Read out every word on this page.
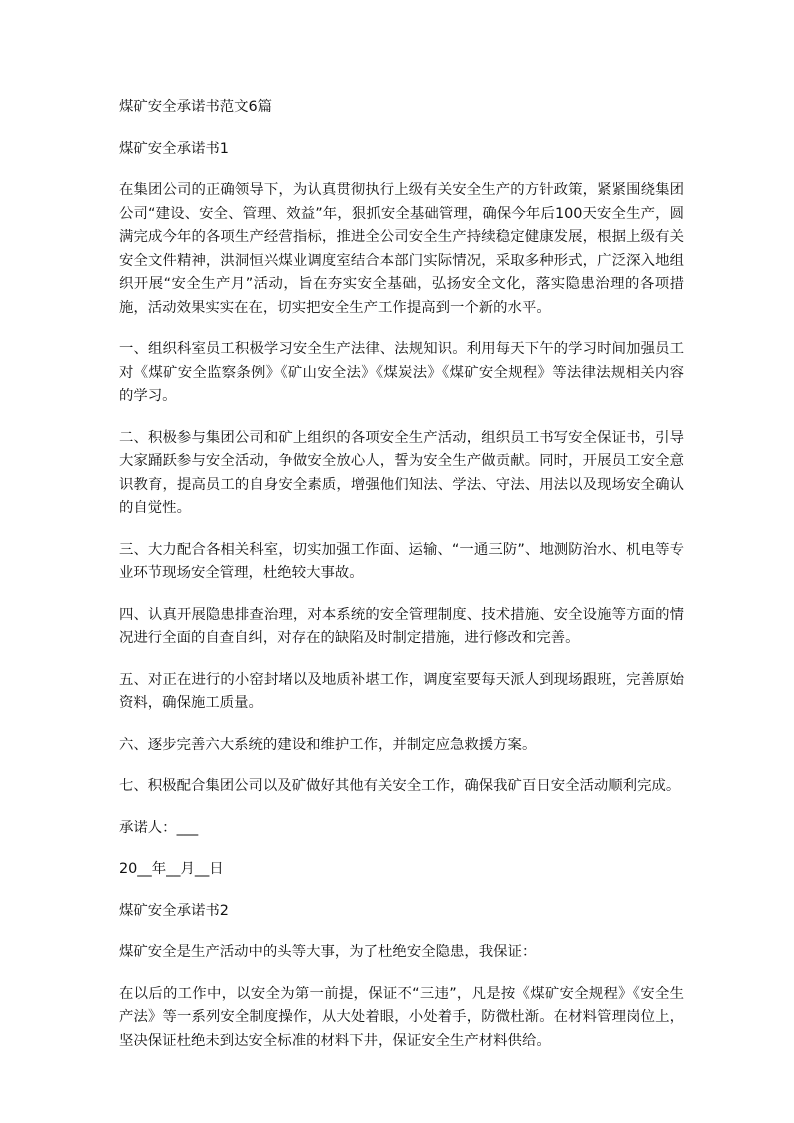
煤矿安全承诺书范文6篇

煤矿安全承诺书1

在集团公司的正确领导下，为认真贯彻执行上级有关安全生产的方针政策，紧紧围绕集团公司“建设、安全、管理、效益”年，狠抓安全基础管理，确保今年后100天安全生产，圆满完成今年的各项生产经营指标，推进全公司安全生产持续稳定健康发展，根据上级有关安全文件精神，洪洞恒兴煤业调度室结合本部门实际情况，采取多种形式，广泛深入地组织开展“安全生产月”活动，旨在夯实安全基础，弘扬安全文化，落实隐患治理的各项措施，活动效果实实在在，切实把安全生产工作提高到一个新的水平。

一、组织科室员工积极学习安全生产法律、法规知识。利用每天下午的学习时间加强员工对《煤矿安全监察条例》《矿山安全法》《煤炭法》《煤矿安全规程》等法律法规相关内容的学习。

二、积极参与集团公司和矿上组织的各项安全生产活动，组织员工书写安全保证书，引导大家踊跃参与安全活动，争做安全放心人，誓为安全生产做贡献。同时，开展员工安全意识教育，提高员工的自身安全素质，增强他们知法、学法、守法、用法以及现场安全确认的自觉性。

三、大力配合各相关科室，切实加强工作面、运输、“一通三防”、地测防治水、机电等专业环节现场安全管理，杜绝较大事故。

四、认真开展隐患排查治理，对本系统的安全管理制度、技术措施、安全设施等方面的情况进行全面的自查自纠，对存在的缺陷及时制定措施，进行修改和完善。

五、对正在进行的小窑封堵以及地质补堪工作，调度室要每天派人到现场跟班，完善原始资料，确保施工质量。

六、逐步完善六大系统的建设和维护工作，并制定应急救援方案。

七、积极配合集团公司以及矿做好其他有关安全工作，确保我矿百日安全活动顺利完成。

承诺人：___

20__年__月__日

煤矿安全承诺书2

煤矿安全是生产活动中的头等大事，为了杜绝安全隐患，我保证：

在以后的工作中，以安全为第一前提，保证不“三违”，凡是按《煤矿安全规程》《安全生产法》等一系列安全制度操作，从大处着眼，小处着手，防微杜渐。在材料管理岗位上，坚决保证杜绝未到达安全标准的材料下井，保证安全生产材料供给。
